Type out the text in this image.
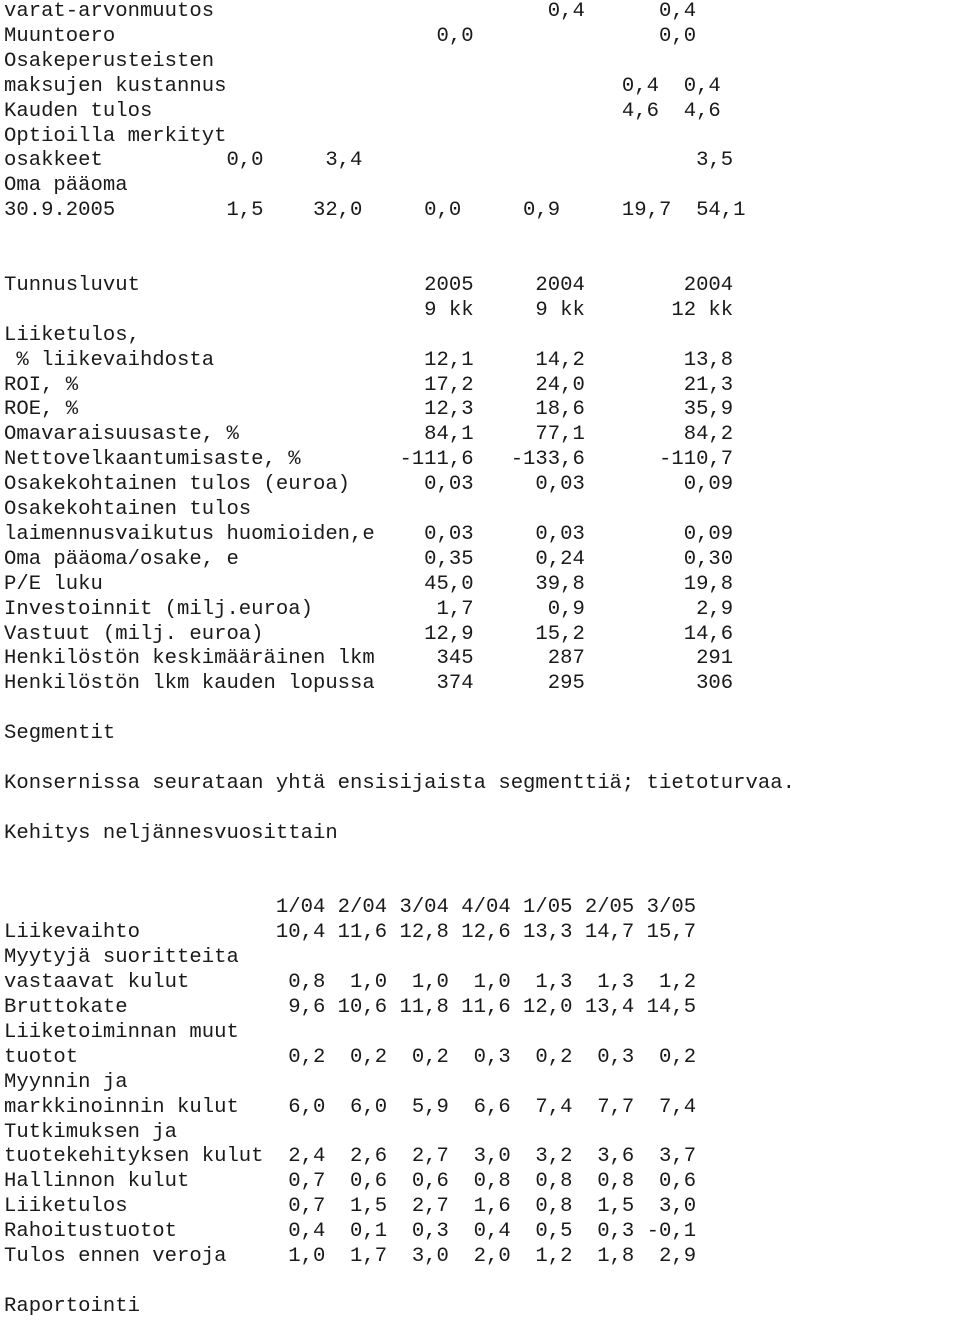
varat-arvonmuutos                           0,4      0,4
Muuntoero                          0,0               0,0
Osakeperusteisten
maksujen kustannus                                0,4  0,4
Kauden tulos                                      4,6  4,6
Optioilla merkityt
osakkeet          0,0     3,4                           3,5
Oma pääoma
30.9.2005         1,5    32,0     0,0     0,9     19,7  54,1
Tunnusluvut                       2005     2004        2004
9 kk     9 kk       12 kk
Liiketulos,
% liikevaihdosta                 12,1     14,2        13,8
ROI, %                            17,2     24,0        21,3
ROE, %                            12,3     18,6        35,9
Omavaraisuusaste, %               84,1     77,1        84,2
Nettovelkaantumisaste, %        -111,6   -133,6      -110,7
Osakekohtainen tulos (euroa)      0,03     0,03        0,09
Osakekohtainen tulos
laimennusvaikutus huomioiden,e    0,03     0,03        0,09
Oma pääoma/osake, e               0,35     0,24        0,30
P/E luku                          45,0     39,8        19,8
Investoinnit (milj.euroa)          1,7      0,9         2,9
Vastuut (milj. euroa)             12,9     15,2        14,6
Henkilöstön keskimääräinen lkm     345      287         291
Henkilöstön lkm kauden lopussa     374      295         306
Segmentit
Konsernissa seurataan yhtä ensisijaista segmenttiä; tietoturvaa.
Kehitys neljännesvuosittain
1/04 2/04 3/04 4/04 1/05 2/05 3/05
Liikevaihto           10,4 11,6 12,8 12,6 13,3 14,7 15,7
Myytyjä suoritteita
vastaavat kulut        0,8  1,0  1,0  1,0  1,3  1,3  1,2
Bruttokate             9,6 10,6 11,8 11,6 12,0 13,4 14,5
Liiketoiminnan muut
tuotot                 0,2  0,2  0,2  0,3  0,2  0,3  0,2
Myynnin ja
markkinoinnin kulut    6,0  6,0  5,9  6,6  7,4  7,7  7,4
Tutkimuksen ja
tuotekehityksen kulut  2,4  2,6  2,7  3,0  3,2  3,6  3,7
Hallinnon kulut        0,7  0,6  0,6  0,8  0,8  0,8  0,6
Liiketulos             0,7  1,5  2,7  1,6  0,8  1,5  3,0
Rahoitustuotot         0,4  0,1  0,3  0,4  0,5  0,3 -0,1
Tulos ennen veroja     1,0  1,7  3,0  2,0  1,2  1,8  2,9
Raportointi
